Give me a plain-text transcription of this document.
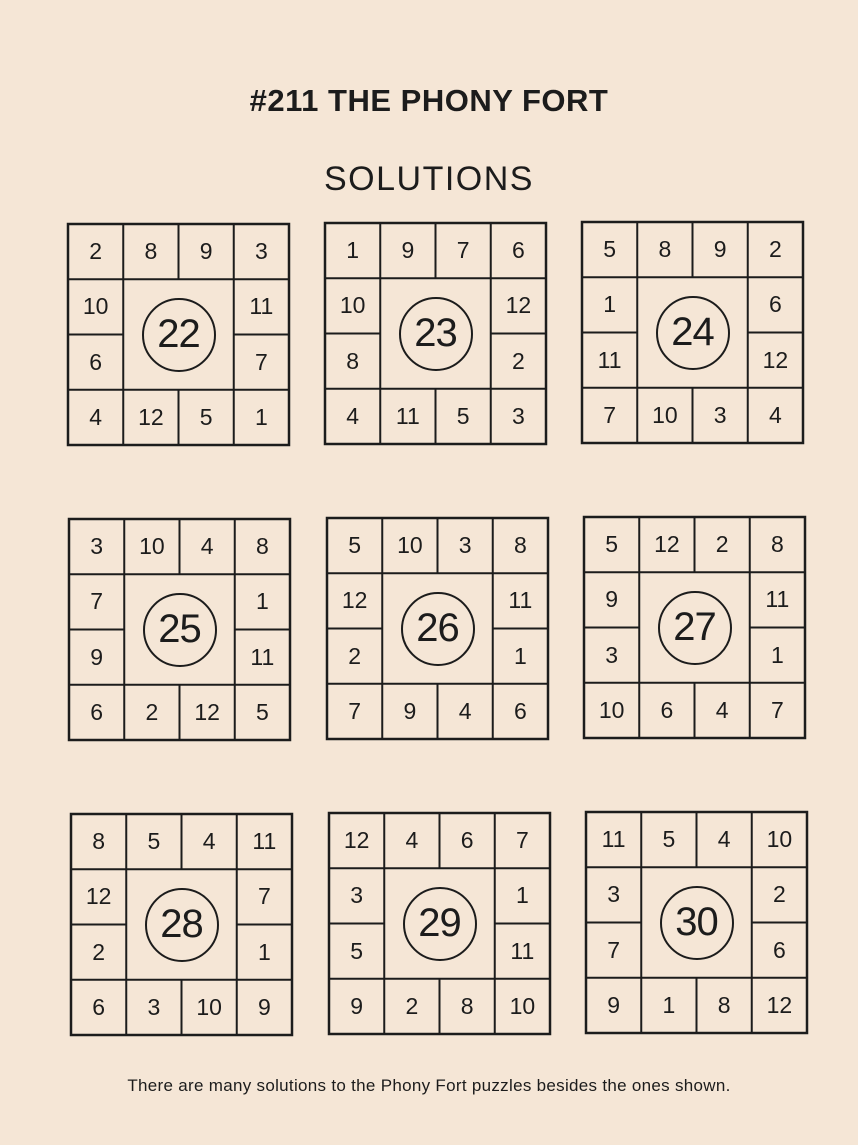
#211 THE PHONY FORT
SOLUTIONS
2	8	9	3
4	12	5	1
10
6
11
7
22
1	9	7	6
4	11	5	3
10
8
12
2
23
5	8	9	2
7	10	3	4
1
11
6
12
24
3	10	4	8
6	2	12	5
7
9
1
11
25
5	10	3	8
7	9	4	6
12
2
11
1
26
5	12	2	8
10	6	4	7
9
3
11
1
27
8	5	4	11
6	3	10	9
12
2
7
1
28
12	4	6	7
9	2	8	10
3
5
1
11
29
11	5	4	10
9	1	8	12
3
7
2
6
30
There are many solutions to the Phony Fort puzzles besides the ones shown.
